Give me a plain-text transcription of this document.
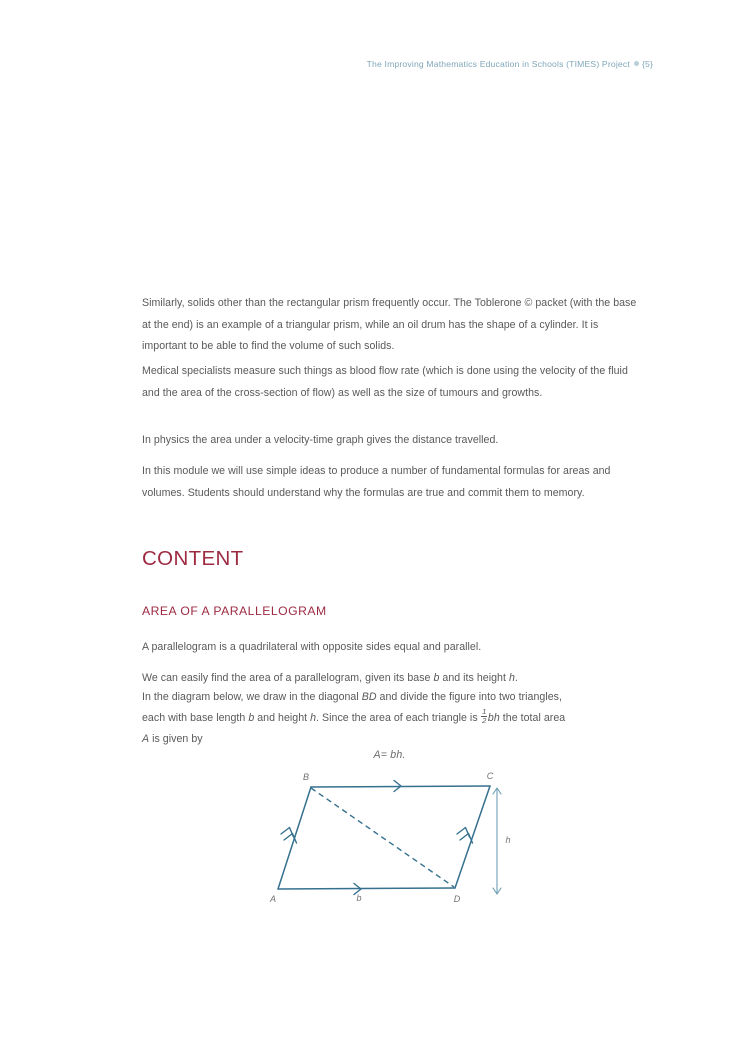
The Improving Mathematics Education in Schools (TIMES) Project {5}

Similarly, solids other than the rectangular prism frequently occur. The Toblerone © packet (with the base at the end) is an example of a triangular prism, while an oil drum has the shape of a cylinder. It is important to be able to find the volume of such solids.

Medical specialists measure such things as blood flow rate (which is done using the velocity of the fluid and the area of the cross-section of flow) as well as the size of tumours and growths.

In physics the area under a velocity-time graph gives the distance travelled.

In this module we will use simple ideas to produce a number of fundamental formulas for areas and volumes. Students should understand why the formulas are true and commit them to memory.

CONTENT
AREA OF A PARALLELOGRAM

A parallelogram is a quadrilateral with opposite sides equal and parallel.

We can easily find the area of a parallelogram, given its base b and its height h.

In the diagram below, we draw in the diagonal BD and divide the figure into two triangles,

each with base length b and height h. Since the area of each triangle is $\frac{1}{2}$ bh the total area

A is given by

A= bh.
B	C
A	D
b
h
